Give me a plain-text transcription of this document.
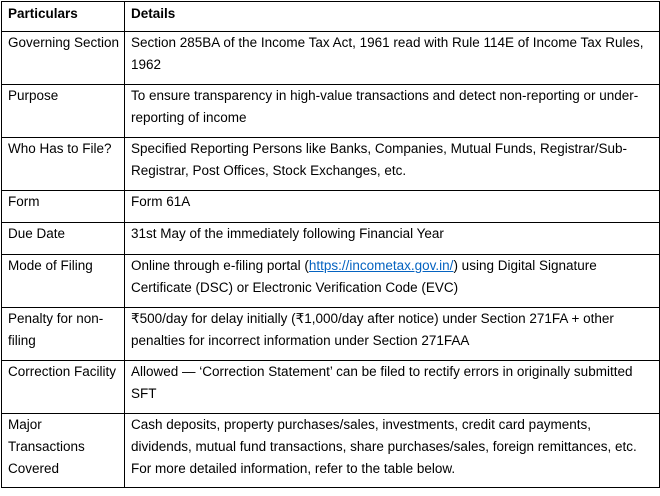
Particulars	Details
Governing Section	Section 285BA of the Income Tax Act, 1961 read with Rule 114E of Income Tax Rules, 1962
Purpose	To ensure transparency in high-value transactions and detect non-reporting or under-reporting of income
Who Has to File?	Specified Reporting Persons like Banks, Companies, Mutual Funds, Registrar/Sub-Registrar, Post Offices, Stock Exchanges, etc.
Form	Form 61A
Due Date	31st May of the immediately following Financial Year
Mode of Filing	Online through e-filing portal (https://incometax.gov.in/) using Digital Signature Certificate (DSC) or Electronic Verification Code (EVC)
Penalty for non-filing	₹500/day for delay initially (₹1,000/day after notice) under Section 271FA + other penalties for incorrect information under Section 271FAA
Correction Facility	Allowed — ‘Correction Statement’ can be filed to rectify errors in originally submitted SFT
Major Transactions Covered	Cash deposits, property purchases/sales, investments, credit card payments, dividends, mutual fund transactions, share purchases/sales, foreign remittances, etc. For more detailed information, refer to the table below.
